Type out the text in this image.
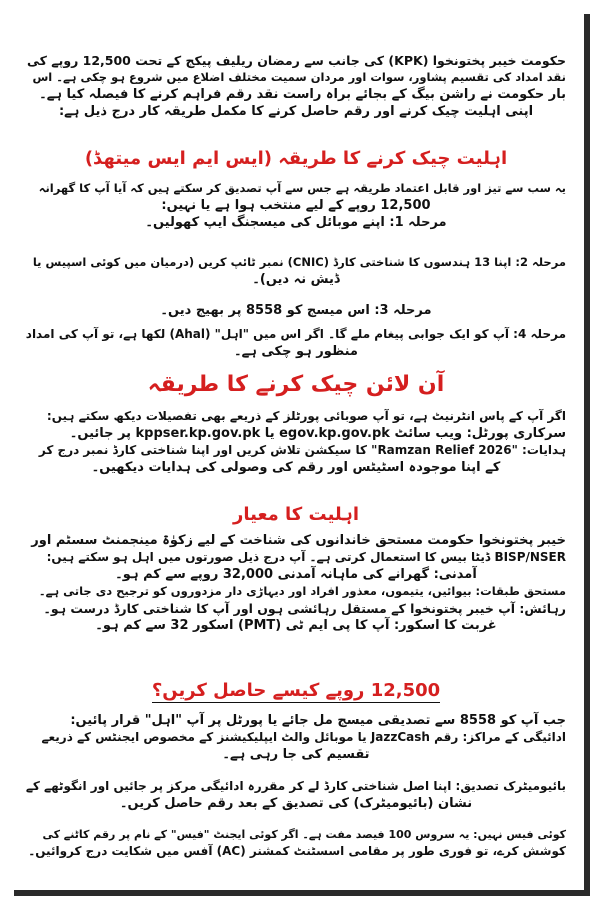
حکومت خیبر پختونخوا (KPK) کی جانب سے رمضان ریلیف پیکج کے تحت 12,500 روپے کی
نقد امداد کی تقسیم پشاور، سوات اور مردان سمیت مختلف اضلاع میں شروع ہو چکی ہے۔ اس
بار حکومت نے راشن بیگ کے بجائے براہ راست نقد رقم فراہم کرنے کا فیصلہ کیا ہے۔
اپنی اہلیت چیک کرنے اور رقم حاصل کرنے کا مکمل طریقہ کار درج ذیل ہے:
اہلیت چیک کرنے کا طریقہ (ایس ایم ایس میتھڈ)
یہ سب سے تیز اور قابل اعتماد طریقہ ہے جس سے آپ تصدیق کر سکتے ہیں کہ آیا آپ کا گھرانہ
12,500 روپے کے لیے منتخب ہوا ہے یا نہیں:
مرحلہ 1: اپنے موبائل کی میسجنگ ایپ کھولیں۔
مرحلہ 2: اپنا 13 ہندسوں کا شناختی کارڈ (CNIC) نمبر ٹائپ کریں (درمیان میں کوئی اسپیس یا
ڈیش نہ دیں)۔
مرحلہ 3: اس میسج کو 8558 پر بھیج دیں۔
مرحلہ 4: آپ کو ایک جوابی پیغام ملے گا۔ اگر اس میں "اہل" (Ahal) لکھا ہے، تو آپ کی امداد
منظور ہو چکی ہے۔
آن لائن چیک کرنے کا طریقہ
اگر آپ کے پاس انٹرنیٹ ہے، تو آپ صوبائی پورٹلز کے ذریعے بھی تفصیلات دیکھ سکتے ہیں:
سرکاری پورٹل: ویب سائٹ egov.kp.gov.pk یا kppser.kp.gov.pk پر جائیں۔
ہدایات: "Ramzan Relief 2026" کا سیکشن تلاش کریں اور اپنا شناختی کارڈ نمبر درج کر
کے اپنا موجودہ اسٹیٹس اور رقم کی وصولی کی ہدایات دیکھیں۔
اہلیت کا معیار
خیبر پختونخوا حکومت مستحق خاندانوں کی شناخت کے لیے زکوٰۃ مینجمنٹ سسٹم اور
BISP/NSER ڈیٹا بیس کا استعمال کرتی ہے۔ آپ درج ذیل صورتوں میں اہل ہو سکتے ہیں:
آمدنی: گھرانے کی ماہانہ آمدنی 32,000 روپے سے کم ہو۔
مستحق طبقات: بیوائیں، یتیموں، معذور افراد اور دیہاڑی دار مزدوروں کو ترجیح دی جاتی ہے۔
رہائش: آپ خیبر پختونخوا کے مستقل رہائشی ہوں اور آپ کا شناختی کارڈ درست ہو۔
غربت کا اسکور: آپ کا پی ایم ٹی (PMT) اسکور 32 سے کم ہو۔
12,500 روپے کیسے حاصل کریں؟
جب آپ کو 8558 سے تصدیقی میسج مل جائے یا پورٹل پر آپ "اہل" قرار پائیں:
ادائیگی کے مراکز: رقم JazzCash یا موبائل والٹ ایپلیکیشنز کے مخصوص ایجنٹس کے ذریعے
تقسیم کی جا رہی ہے۔
بائیومیٹرک تصدیق: اپنا اصل شناختی کارڈ لے کر مقررہ ادائیگی مرکز پر جائیں اور انگوٹھے کے
نشان (بائیومیٹرک) کی تصدیق کے بعد رقم حاصل کریں۔
کوئی فیس نہیں: یہ سروس 100 فیصد مفت ہے۔ اگر کوئی ایجنٹ "فیس" کے نام پر رقم کاٹنے کی
کوشش کرے، تو فوری طور پر مقامی اسسٹنٹ کمشنر (AC) آفس میں شکایت درج کروائیں۔
